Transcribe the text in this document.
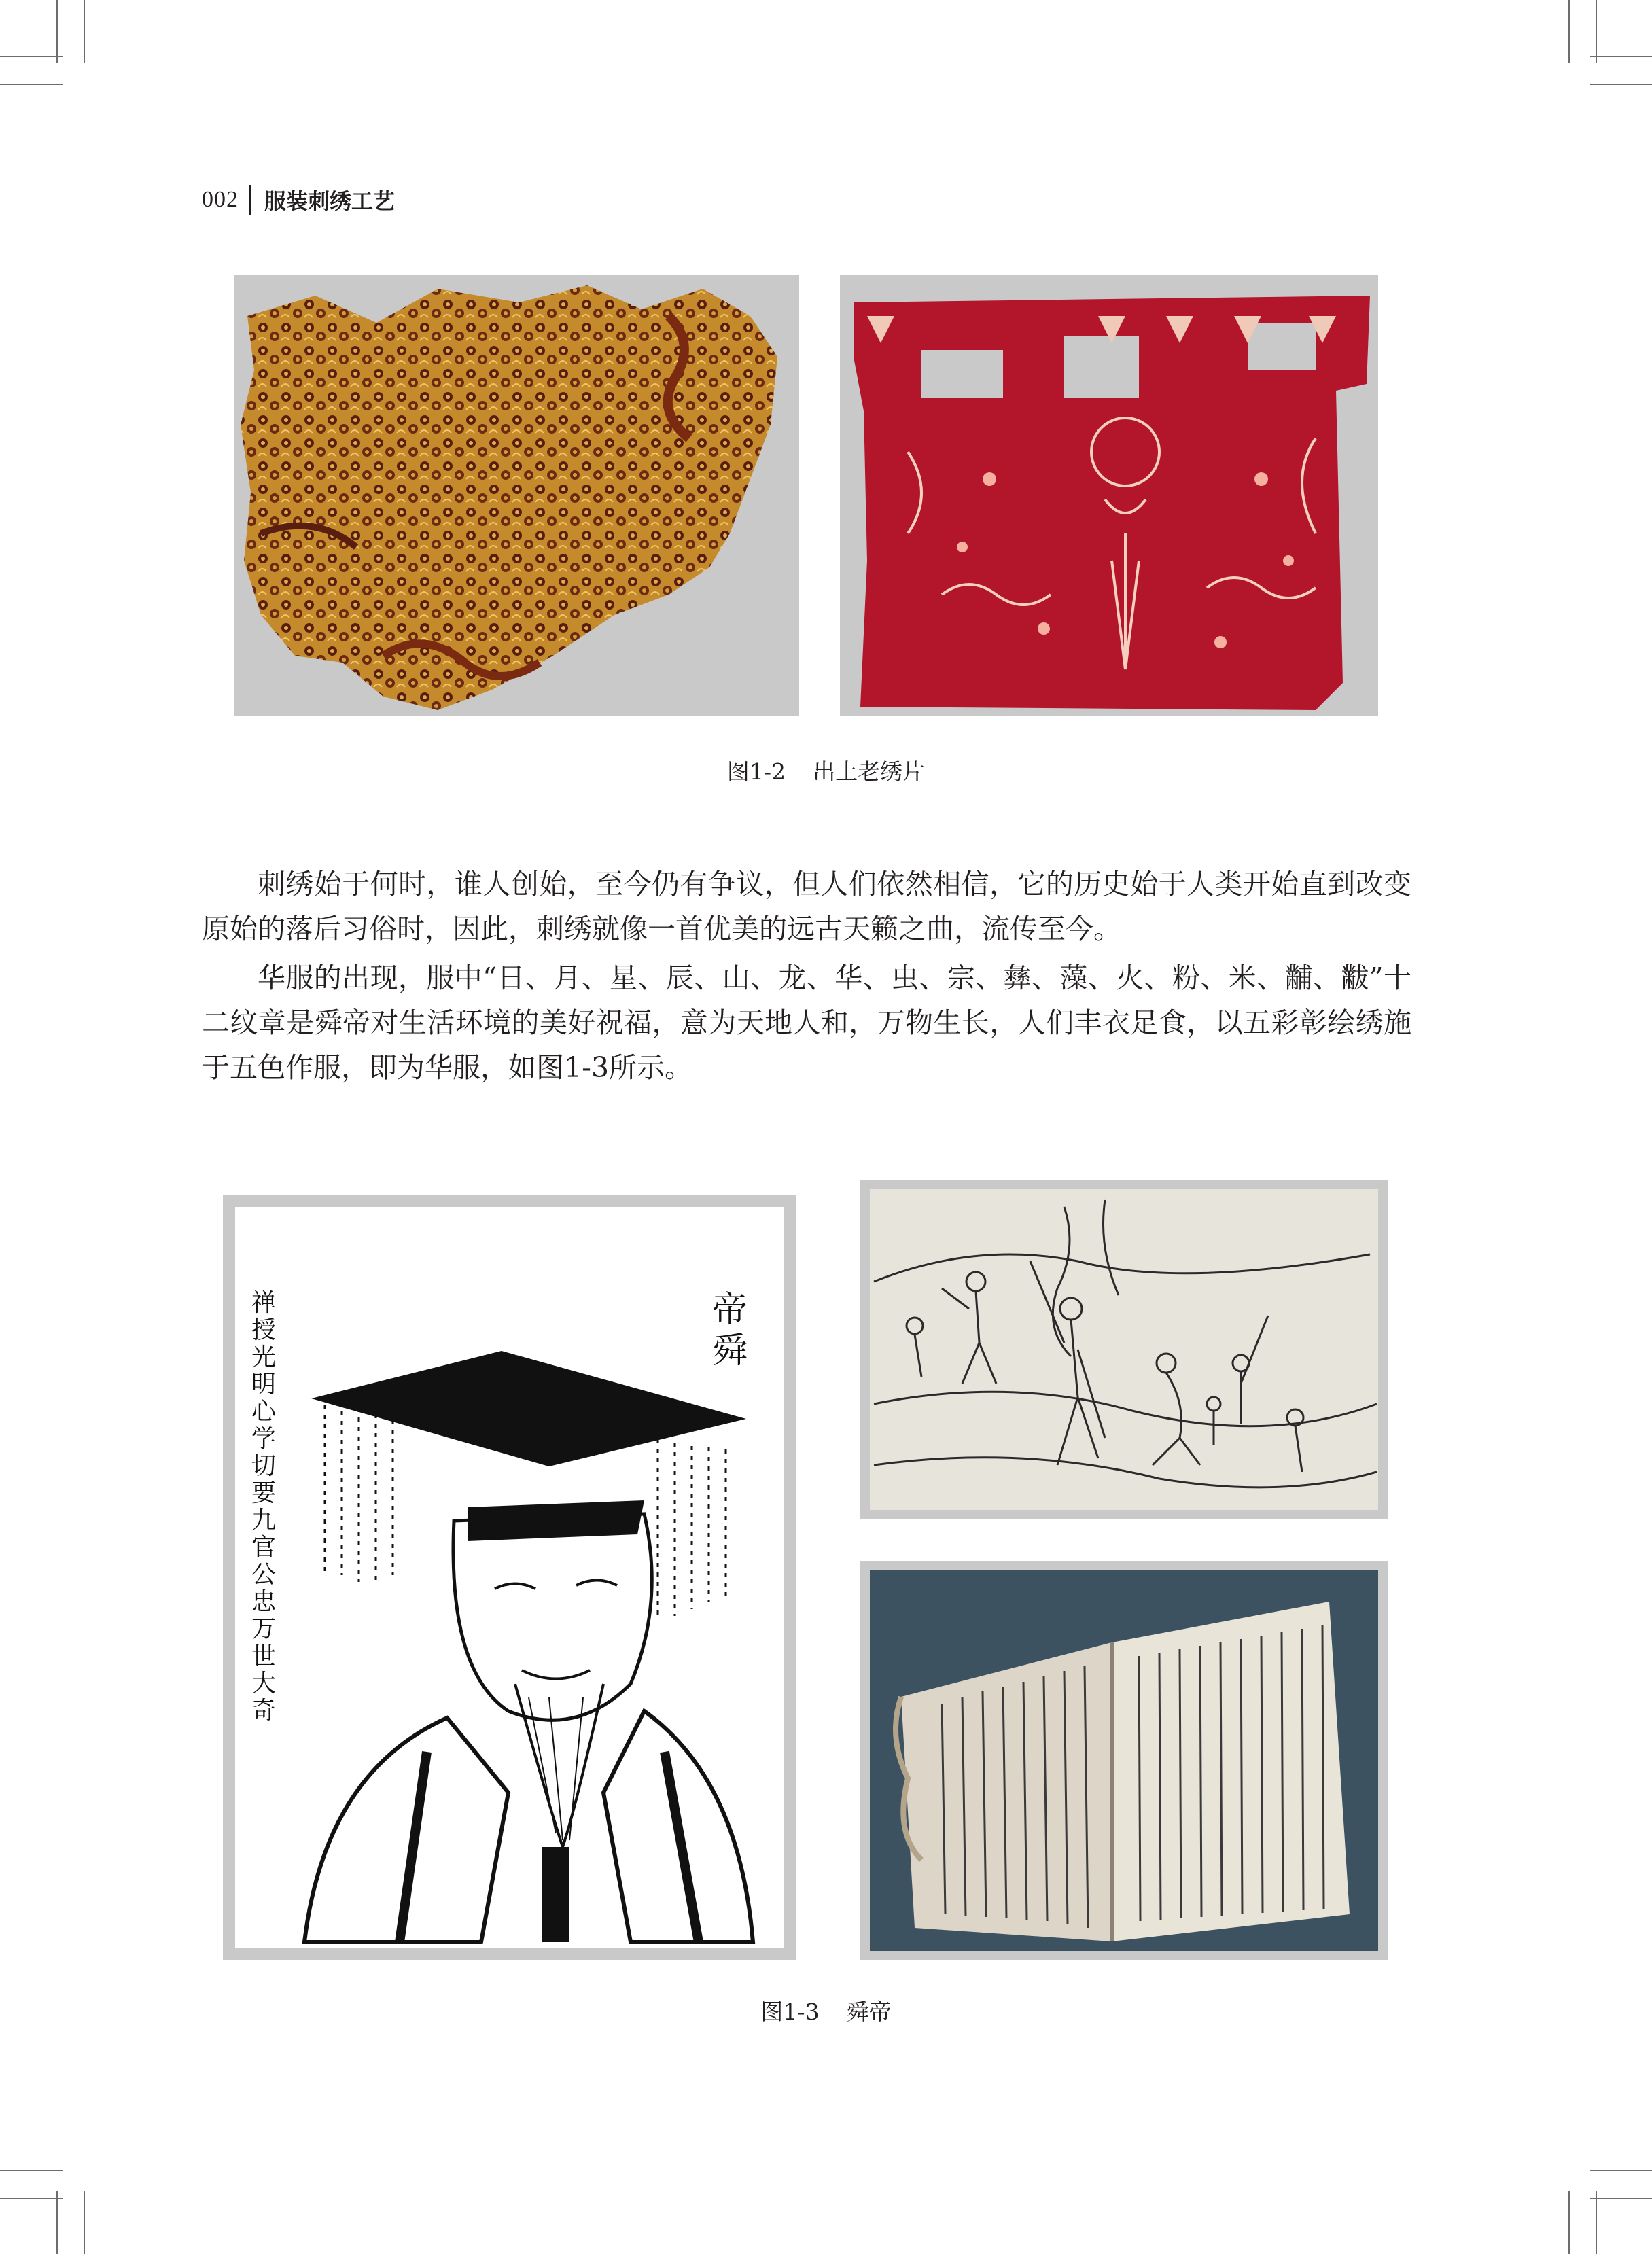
002 服装刺绣工艺
图1-2 出土老绣片

刺绣始于何时，谁人创始，至今仍有争议，但人们依然相信，它的历史始于人类开始直到改变原始的落后习俗时，因此，刺绣就像一首优美的远古天籁之曲，流传至今。

华服的出现，服中“日、月、星、辰、山、龙、华、虫、宗、彝、藻、火、粉、米、黼、黻”十二纹章是舜帝对生活环境的美好祝福，意为天地人和，万物生长，人们丰衣足食，以五彩彰绘绣施于五色作服，即为华服，如图1-3所示。

帝舜
禅授光明心学切要九官公忠万世大奇
图1-3 舜帝
